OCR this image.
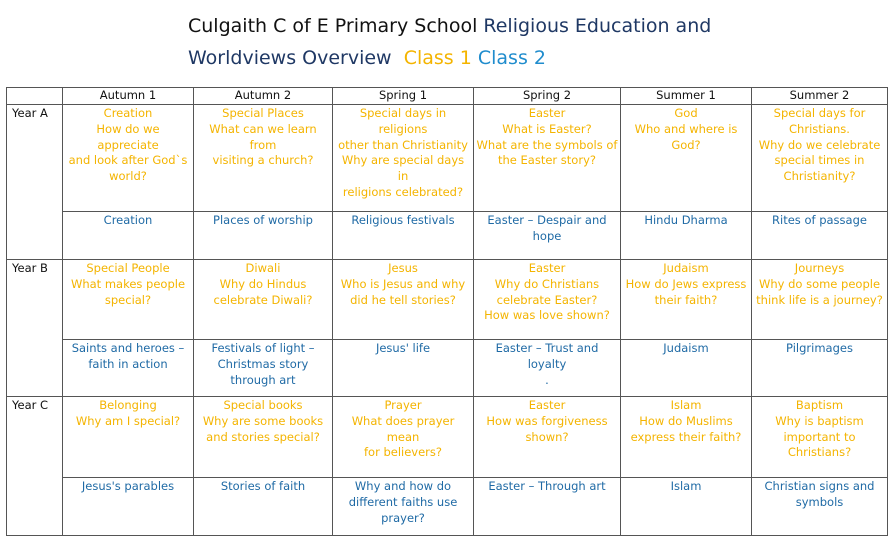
Culgaith C of E Primary School Religious Education and
Worldviews Overview Class 1 Class 2
	Autumn 1	Autumn 2	Spring 1	Spring 2	Summer 1	Summer 2
Year A	Creation
How do we appreciate
and look after God`s
world?	Special Places
What can we learn from
visiting a church?	Special days in religions
other than Christianity
Why are special days in
religions celebrated?	Easter
What is Easter?
What are the symbols of
the Easter story?	God
Who and where is
God?	Special days for
Christians.
Why do we celebrate
special times in
Christianity?

	Creation	Places of worship	Religious festivals	Easter – Despair and
hope	Hindu Dharma	Rites of passage

Year B	Special People
What makes people
special?	Diwali
Why do Hindus
celebrate Diwali?	Jesus
Who is Jesus and why
did he tell stories?	Easter
Why do Christians
celebrate Easter?
How was love shown?	Judaism
How do Jews express
their faith?	Journeys
Why do some people
think life is a journey?

	Saints and heroes –
faith in action	Festivals of light –
Christmas story
through art	Jesus' life	Easter – Trust and
loyalty
.	Judaism	Pilgrimages

Year C	Belonging
Why am I special?	Special books
Why are some books
and stories special?	Prayer
What does prayer mean
for believers?	Easter
How was forgiveness
shown?	Islam
How do Muslims
express their faith?	Baptism
Why is baptism
important to
Christians?

	Jesus's parables	Stories of faith	Why and how do
different faiths use
prayer?	Easter – Through art	Islam	Christian signs and
symbols
